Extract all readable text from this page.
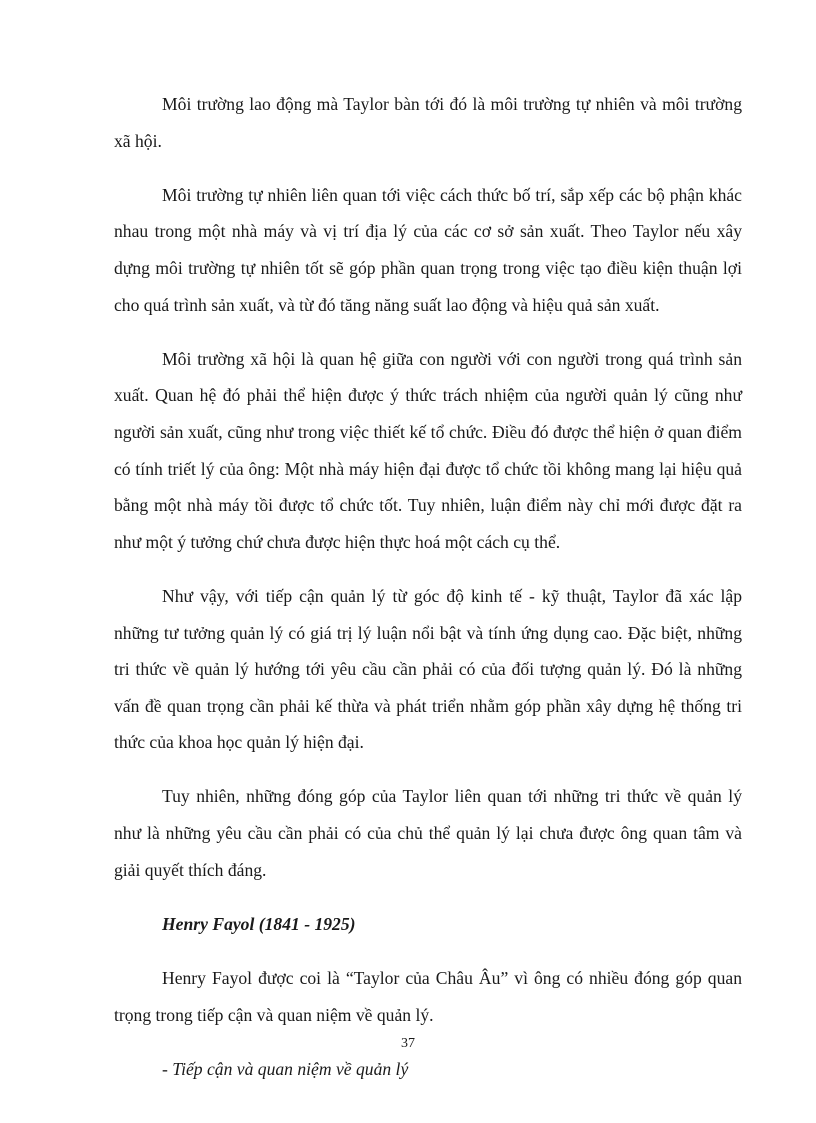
Môi trường lao động mà Taylor bàn tới đó là môi trường tự nhiên và môi trường xã hội.

Môi trường tự nhiên liên quan tới việc cách thức bố trí, sắp xếp các bộ phận khác nhau trong một nhà máy và vị trí địa lý của các cơ sở sản xuất. Theo Taylor nếu xây dựng môi trường tự nhiên tốt sẽ góp phần quan trọng trong việc tạo điều kiện thuận lợi cho quá trình sản xuất, và từ đó tăng năng suất lao động và hiệu quả sản xuất.

Môi trường xã hội là quan hệ giữa con người với con người trong quá trình sản xuất. Quan hệ đó phải thể hiện được ý thức trách nhiệm của người quản lý cũng như người sản xuất, cũng như trong việc thiết kế tổ chức. Điều đó được thể hiện ở quan điểm có tính triết lý của ông: Một nhà máy hiện đại được tổ chức tồi không mang lại hiệu quả bằng một nhà máy tồi được tổ chức tốt. Tuy nhiên, luận điểm này chỉ mới được đặt ra như một ý tưởng chứ chưa được hiện thực hoá một cách cụ thể.

Như vậy, với tiếp cận quản lý từ góc độ kinh tế - kỹ thuật, Taylor đã xác lập những tư tưởng quản lý có giá trị lý luận nổi bật và tính ứng dụng cao. Đặc biệt, những tri thức về quản lý hướng tới yêu cầu cần phải có của đối tượng quản lý. Đó là những vấn đề quan trọng cần phải kế thừa và phát triển nhằm góp phần xây dựng hệ thống tri thức của khoa học quản lý hiện đại.

Tuy nhiên, những đóng góp của Taylor liên quan tới những tri thức về quản lý như là những yêu cầu cần phải có của chủ thể quản lý lại chưa được ông quan tâm và giải quyết thích đáng.

Henry Fayol (1841 - 1925)

Henry Fayol được coi là “Taylor của Châu Âu” vì ông có nhiều đóng góp quan trọng trong tiếp cận và quan niệm về quản lý.

- Tiếp cận và quan niệm về quản lý

37
